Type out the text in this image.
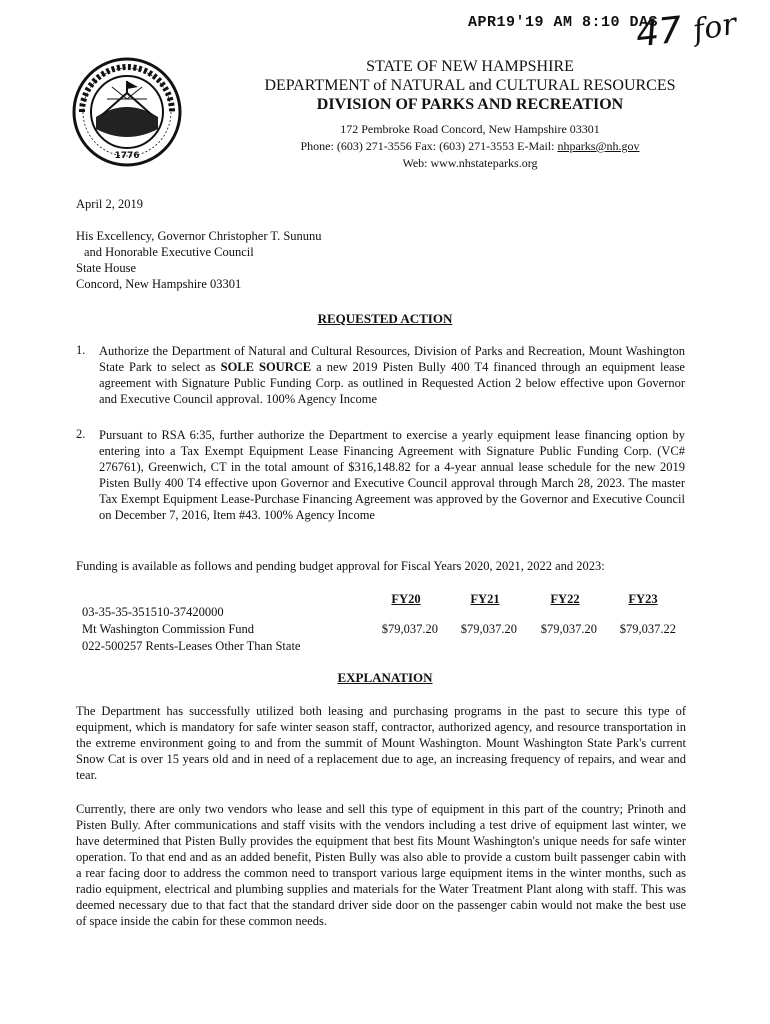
APR19'19 AM 8:10 DAS
47 for
1776
STATE OF NEW HAMPSHIRE
DEPARTMENT of NATURAL and CULTURAL RESOURCES
DIVISION OF PARKS AND RECREATION
172 Pembroke Road Concord, New Hampshire 03301
Phone: (603) 271-3556 Fax: (603) 271-3553 E-Mail: nhparks@nh.gov
Web: www.nhstateparks.org
April 2, 2019
His Excellency, Governor Christopher T. Sununu
and Honorable Executive Council
State House
Concord, New Hampshire 03301
REQUESTED ACTION
1. Authorize the Department of Natural and Cultural Resources, Division of Parks and Recreation, Mount Washington State Park to select as SOLE SOURCE a new 2019 Pisten Bully 400 T4 financed through an equipment lease agreement with Signature Public Funding Corp. as outlined in Requested Action 2 below effective upon Governor and Executive Council approval. 100% Agency Income
2. Pursuant to RSA 6:35, further authorize the Department to exercise a yearly equipment lease financing option by entering into a Tax Exempt Equipment Lease Financing Agreement with Signature Public Funding Corp. (VC# 276761), Greenwich, CT in the total amount of $316,148.82 for a 4-year annual lease schedule for the new 2019 Pisten Bully 400 T4 effective upon Governor and Executive Council approval through March 28, 2023. The master Tax Exempt Equipment Lease-Purchase Financing Agreement was approved by the Governor and Executive Council on December 7, 2016, Item #43. 100% Agency Income
Funding is available as follows and pending budget approval for Fiscal Years 2020, 2021, 2022 and 2023:
FY20	FY21	FY22	FY23
03-35-35-351510-37420000
Mt Washington Commission Fund
022-500257 Rents-Leases Other Than State
$79,037.20	$79,037.20	$79,037.20	$79,037.22
EXPLANATION
The Department has successfully utilized both leasing and purchasing programs in the past to secure this type of equipment, which is mandatory for safe winter season staff, contractor, authorized agency, and resource transportation in the extreme environment going to and from the summit of Mount Washington. Mount Washington State Park's current Snow Cat is over 15 years old and in need of a replacement due to age, an increasing frequency of repairs, and wear and tear.
Currently, there are only two vendors who lease and sell this type of equipment in this part of the country; Prinoth and Pisten Bully. After communications and staff visits with the vendors including a test drive of equipment last winter, we have determined that Pisten Bully provides the equipment that best fits Mount Washington's unique needs for safe winter operation. To that end and as an added benefit, Pisten Bully was also able to provide a custom built passenger cabin with a rear facing door to address the common need to transport various large equipment items in the winter months, such as radio equipment, electrical and plumbing supplies and materials for the Water Treatment Plant along with staff. This was deemed necessary due to that fact that the standard driver side door on the passenger cabin would not make the best use of space inside the cabin for these common needs.
